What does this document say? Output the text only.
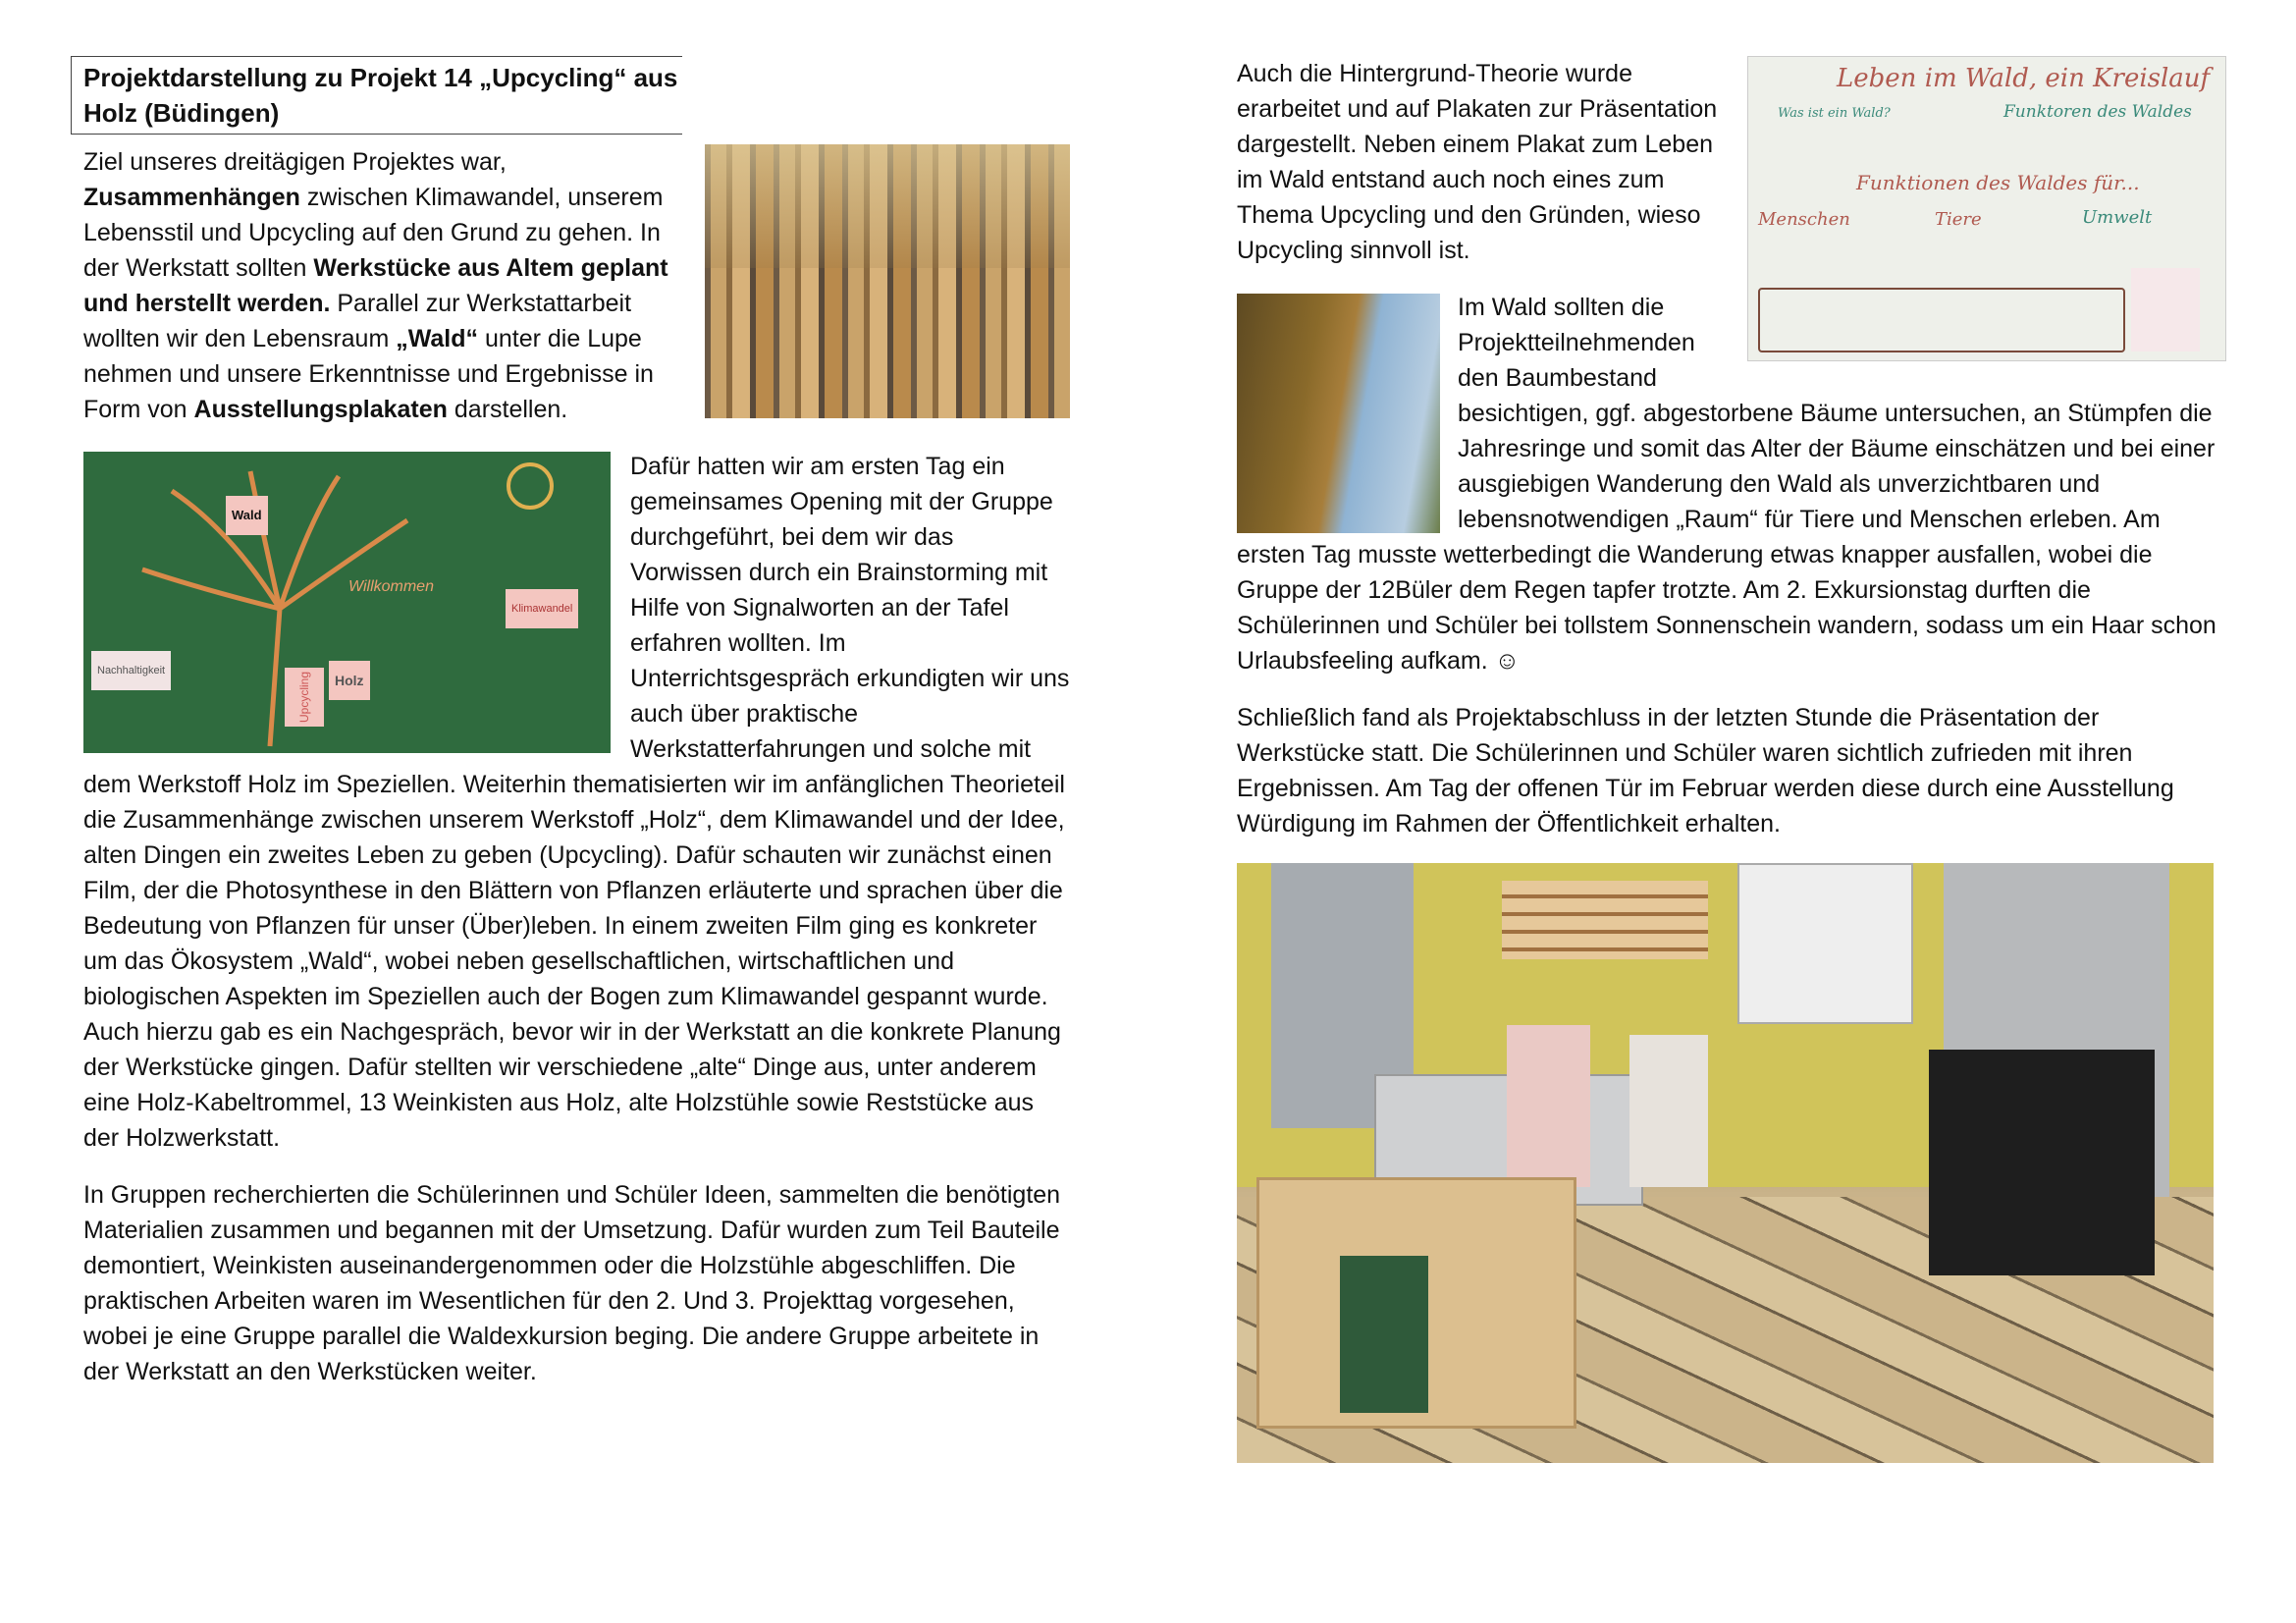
Projektdarstellung zu Projekt 14 „Upcycling“ aus Holz (Büdingen)

Ziel unseres dreitägigen Projektes war, Zusammenhängen zwischen Klimawandel, unserem Lebensstil und Upcycling auf den Grund zu gehen. In der Werkstatt sollten Werkstücke aus Altem geplant und herstellt werden. Parallel zur Werkstattarbeit wollten wir den Lebensraum „Wald“ unter die Lupe nehmen und unsere Erkenntnisse und Ergebnisse in Form von Ausstellungsplakaten darstellen.

Wald
Willkommen
Klimawandel
Nachhaltigkeit
Upcycling	Holz

Dafür hatten wir am ersten Tag ein gemeinsames Opening mit der Gruppe durchgeführt, bei dem wir das Vorwissen durch ein Brainstorming mit Hilfe von Signalworten an der Tafel erfahren wollten. Im Unterrichtsgespräch erkundigten wir uns auch über praktische Werkstatterfahrungen und solche mit dem Werkstoff Holz im Speziellen. Weiterhin thematisierten wir im anfänglichen Theorieteil die Zusammenhänge zwischen unserem Werkstoff „Holz“, dem Klimawandel und der Idee, alten Dingen ein zweites Leben zu geben (Upcycling). Dafür schauten wir zunächst einen Film, der die Photosynthese in den Blättern von Pflanzen erläuterte und sprachen über die Bedeutung von Pflanzen für unser (Über)leben. In einem zweiten Film ging es konkreter um das Ökosystem „Wald“, wobei neben gesellschaftlichen, wirtschaftlichen und biologischen Aspekten im Speziellen auch der Bogen zum Klimawandel gespannt wurde. Auch hierzu gab es ein Nachgespräch, bevor wir in der Werkstatt an die konkrete Planung der Werkstücke gingen. Dafür stellten wir verschiedene „alte“ Dinge aus, unter anderem eine Holz-Kabeltrommel, 13 Weinkisten aus Holz, alte Holzstühle sowie Reststücke aus der Holzwerkstatt.

In Gruppen recherchierten die Schülerinnen und Schüler Ideen, sammelten die benötigten Materialien zusammen und begannen mit der Umsetzung. Dafür wurden zum Teil Bauteile demontiert, Weinkisten auseinandergenommen oder die Holzstühle abgeschliffen. Die praktischen Arbeiten waren im Wesentlichen für den 2. Und 3. Projekttag vorgesehen, wobei je eine Gruppe parallel die Waldexkursion beging. Die andere Gruppe arbeitete in der Werkstatt an den Werkstücken weiter.

Leben im Wald, ein Kreislauf
Was ist ein Wald?	Funktoren des Waldes
Funktionen des Waldes für...
Menschen	Tiere	Umwelt

Auch die Hintergrund-Theorie wurde erarbeitet und auf Plakaten zur Präsentation dargestellt. Neben einem Plakat zum Leben im Wald entstand auch noch eines zum Thema Upcycling und den Gründen, wieso Upcycling sinnvoll ist.

Im Wald sollten die Projektteilnehmenden den Baumbestand besichtigen, ggf. abgestorbene Bäume untersuchen, an Stümpfen die Jahresringe und somit das Alter der Bäume einschätzen und bei einer ausgiebigen Wanderung den Wald als unverzichtbaren und lebensnotwendigen „Raum“ für Tiere und Menschen erleben. Am ersten Tag musste wetterbedingt die Wanderung etwas knapper ausfallen, wobei die Gruppe der 12Büler dem Regen tapfer trotzte. Am 2. Exkursionstag durften die Schülerinnen und Schüler bei tollstem Sonnenschein wandern, sodass um ein Haar schon Urlaubsfeeling aufkam. ☺

Schließlich fand als Projektabschluss in der letzten Stunde die Präsentation der Werkstücke statt. Die Schülerinnen und Schüler waren sichtlich zufrieden mit ihren Ergebnissen. Am Tag der offenen Tür im Februar werden diese durch eine Ausstellung Würdigung im Rahmen der Öffentlichkeit erhalten.
